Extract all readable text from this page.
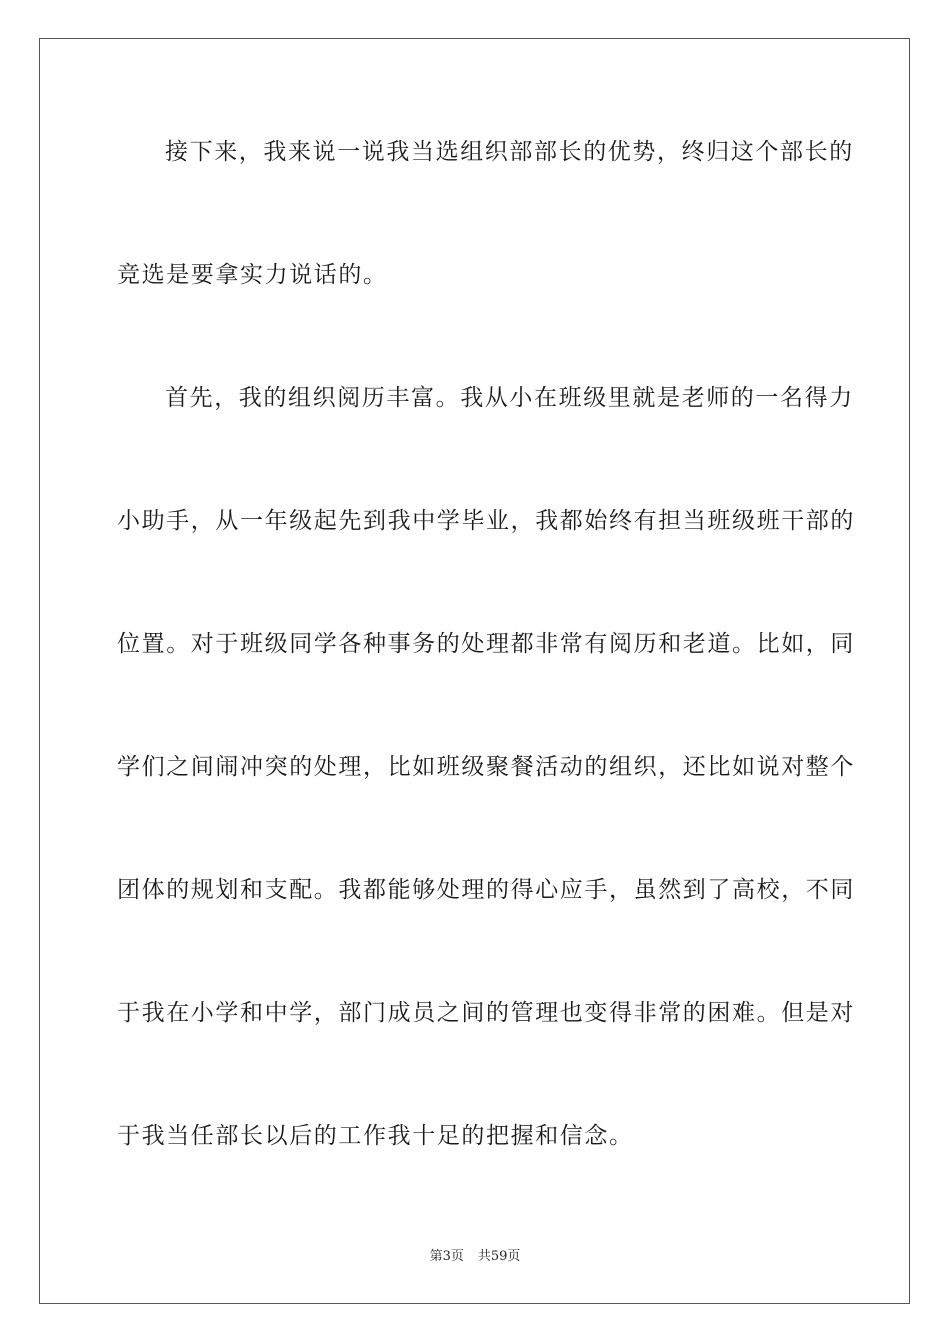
接下来，我来说一说我当选组织部部长的优势，终归这个部长的
竞选是要拿实力说话的。
首先，我的组织阅历丰富。我从小在班级里就是老师的一名得力
小助手，从一年级起先到我中学毕业，我都始终有担当班级班干部的
位置。对于班级同学各种事务的处理都非常有阅历和老道。比如，同
学们之间闹冲突的处理，比如班级聚餐活动的组织，还比如说对整个
团体的规划和支配。我都能够处理的得心应手，虽然到了高校，不同
于我在小学和中学，部门成员之间的管理也变得非常的困难。但是对
于我当任部长以后的工作我十足的把握和信念。
第3页 共59页
